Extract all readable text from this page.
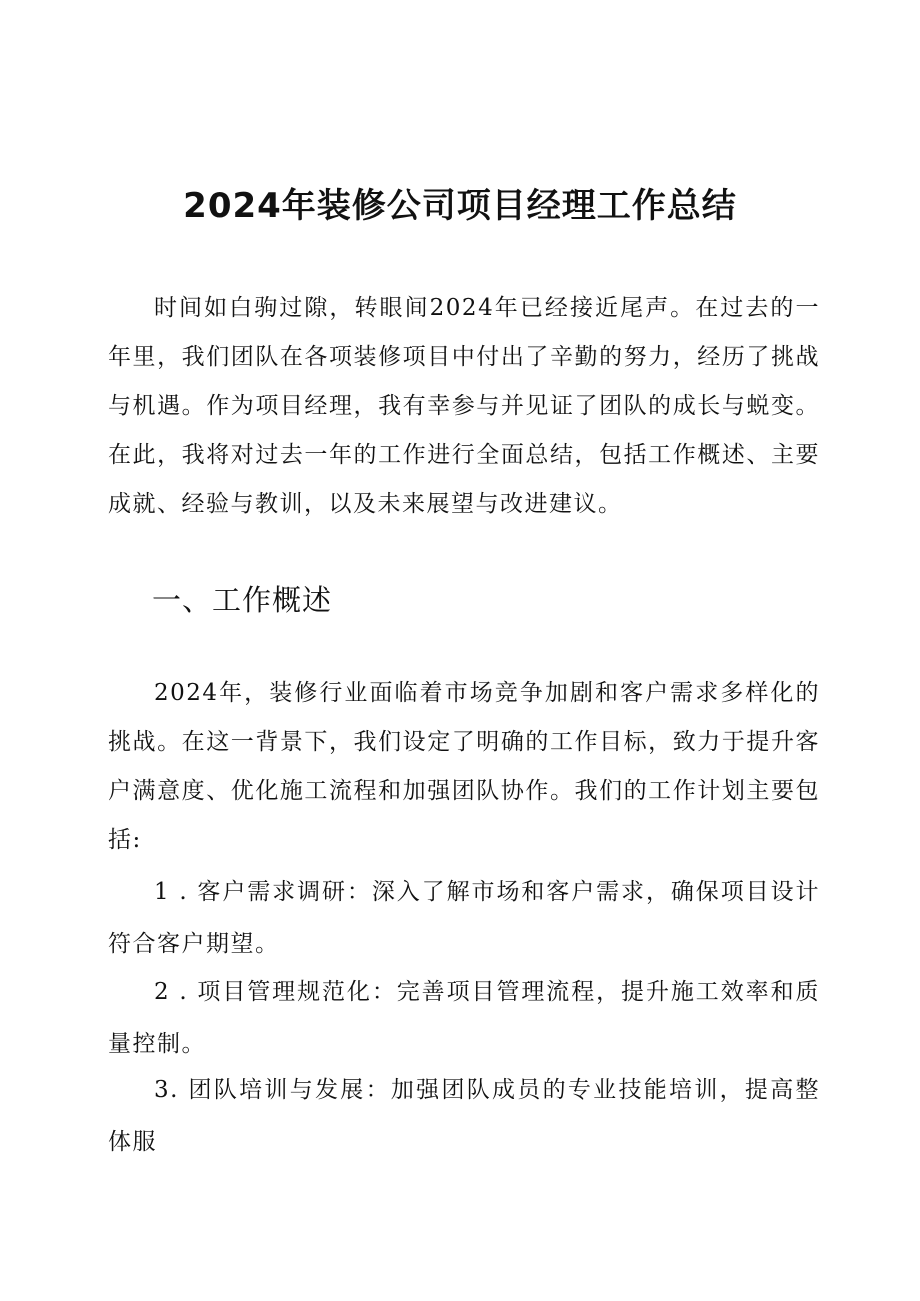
2024年装修公司项目经理工作总结

时间如白驹过隙，转眼间2024年已经接近尾声。在过去的一年里，我们团队在各项装修项目中付出了辛勤的努力，经历了挑战与机遇。作为项目经理，我有幸参与并见证了团队的成长与蜕变。在此，我将对过去一年的工作进行全面总结，包括工作概述、主要成就、经验与教训，以及未来展望与改进建议。

一、工作概述

2024年，装修行业面临着市场竞争加剧和客户需求多样化的挑战。在这一背景下，我们设定了明确的工作目标，致力于提升客户满意度、优化施工流程和加强团队协作。我们的工作计划主要包括:

1 . 客户需求调研：深入了解市场和客户需求，确保项目设计符合客户期望。

2 . 项目管理规范化：完善项目管理流程，提升施工效率和质量控制。

3. 团队培训与发展：加强团队成员的专业技能培训，提高整体服
